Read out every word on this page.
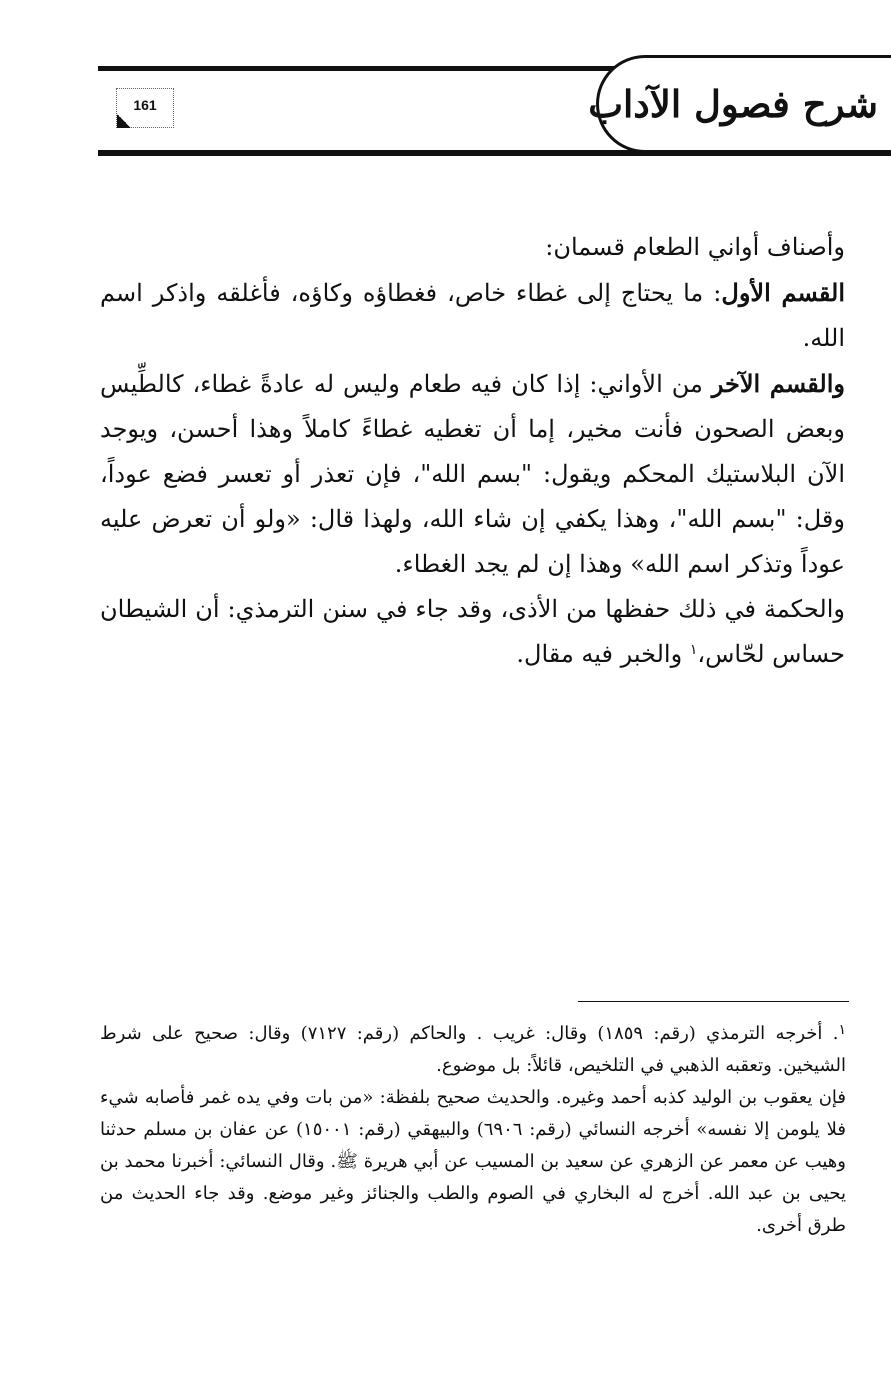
شرح فصول الآداب
161

وأصناف أواني الطعام قسمان:

القسم الأول: ما يحتاج إلى غطاء خاص، فغطاؤه وكاؤه، فأغلقه واذكر اسم الله.

والقسم الآخر من الأواني: إذا كان فيه طعام وليس له عادةً غطاء، كالطِّيس وبعض الصحون فأنت مخير، إما أن تغطيه غطاءً كاملاً وهذا أحسن، ويوجد الآن البلاستيك المحكم ويقول: "بسم الله"، فإن تعذر أو تعسر فضع عوداً، وقل: "بسم الله"، وهذا يكفي إن شاء الله، ولهذا قال: «ولو أن تعرض عليه عوداً وتذكر اسم الله» وهذا إن لم يجد الغطاء.

والحكمة في ذلك حفظها من الأذى، وقد جاء في سنن الترمذي: أن الشيطان حساس لحّاس،$^١$ والخبر فيه مقال.

$^١$. أخرجه الترمذي (رقم: ١٨٥٩) وقال: غريب . والحاكم (رقم: ٧١٢٧) وقال: صحيح على شرط الشيخين. وتعقبه الذهبي في التلخيص، قائلاً: بل موضوع.

فإن يعقوب بن الوليد كذبه أحمد وغيره. والحديث صحيح بلفظة: «من بات وفي يده غمر فأصابه شيء فلا يلومن إلا نفسه» أخرجه النسائي (رقم: ٦٩٠٦) والبيهقي (رقم: ١٥٠٠١) عن عفان بن مسلم حدثنا وهيب عن معمر عن الزهري عن سعيد بن المسيب عن أبي هريرة ﷺ. وقال النسائي: أخبرنا محمد بن يحيى بن عبد الله. أخرج له البخاري في الصوم والطب والجنائز وغير موضع. وقد جاء الحديث من طرق أخرى.
